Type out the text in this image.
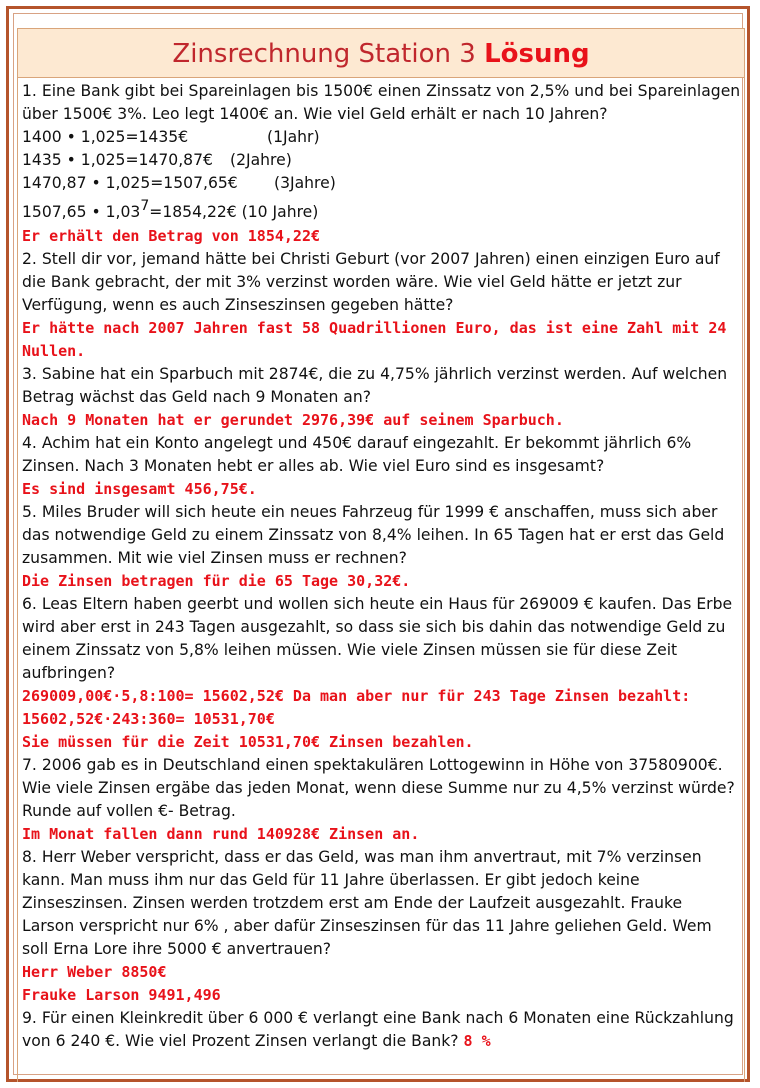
Zinsrechnung Station 3 Lösung
1. Eine Bank gibt bei Spareinlagen bis 1500€ einen Zinssatz von 2,5% und bei Spareinlagen
über 1500€ 3%. Leo legt 1400€ an. Wie viel Geld erhält er nach 10 Jahren?
1400 • 1,025=1435€	(1Jahr)
1435 • 1,025=1470,87€ (2Jahre)
1470,87 • 1,025=1507,65€ (3Jahre)
1507,65 • 1,037=1854,22€ (10 Jahre)
Er erhält den Betrag von 1854,22€
2. Stell dir vor, jemand hätte bei Christi Geburt (vor 2007 Jahren) einen einzigen Euro auf
die Bank gebracht, der mit 3% verzinst worden wäre. Wie viel Geld hätte er jetzt zur
Verfügung, wenn es auch Zinseszinsen gegeben hätte?
Er hätte nach 2007 Jahren fast 58 Quadrillionen Euro, das ist eine Zahl mit 24
Nullen.
3. Sabine hat ein Sparbuch mit 2874€, die zu 4,75% jährlich verzinst werden. Auf welchen
Betrag wächst das Geld nach 9 Monaten an?
Nach 9 Monaten hat er gerundet 2976,39€ auf seinem Sparbuch.
4. Achim hat ein Konto angelegt und 450€ darauf eingezahlt. Er bekommt jährlich 6%
Zinsen. Nach 3 Monaten hebt er alles ab. Wie viel Euro sind es insgesamt?
Es sind insgesamt 456,75€.
5. Miles Bruder will sich heute ein neues Fahrzeug für 1999 € anschaffen, muss sich aber
das notwendige Geld zu einem Zinssatz von 8,4% leihen. In 65 Tagen hat er erst das Geld
zusammen. Mit wie viel Zinsen muss er rechnen?
Die Zinsen betragen für die 65 Tage 30,32€.
6. Leas Eltern haben geerbt und wollen sich heute ein Haus für 269009 € kaufen. Das Erbe
wird aber erst in 243 Tagen ausgezahlt, so dass sie sich bis dahin das notwendige Geld zu
einem Zinssatz von 5,8% leihen müssen. Wie viele Zinsen müssen sie für diese Zeit
aufbringen?
269009,00€·5,8:100= 15602,52€ Da man aber nur für 243 Tage Zinsen bezahlt:
15602,52€·243:360= 10531,70€
Sie müssen für die Zeit 10531,70€ Zinsen bezahlen.
7. 2006 gab es in Deutschland einen spektakulären Lottogewinn in Höhe von 37580900€.
Wie viele Zinsen ergäbe das jeden Monat, wenn diese Summe nur zu 4,5% verzinst würde?
Runde auf vollen €- Betrag.
Im Monat fallen dann rund 140928€ Zinsen an.
8. Herr Weber verspricht, dass er das Geld, was man ihm anvertraut, mit 7% verzinsen
kann. Man muss ihm nur das Geld für 11 Jahre überlassen. Er gibt jedoch keine
Zinseszinsen. Zinsen werden trotzdem erst am Ende der Laufzeit ausgezahlt. Frauke
Larson verspricht nur 6% , aber dafür Zinseszinsen für das 11 Jahre geliehen Geld. Wem
soll Erna Lore ihre 5000 € anvertrauen?
Herr Weber 8850€
Frauke Larson 9491,496
9. Für einen Kleinkredit über 6 000 € verlangt eine Bank nach 6 Monaten eine Rückzahlung
von 6 240 €. Wie viel Prozent Zinsen verlangt die Bank? 8 %
